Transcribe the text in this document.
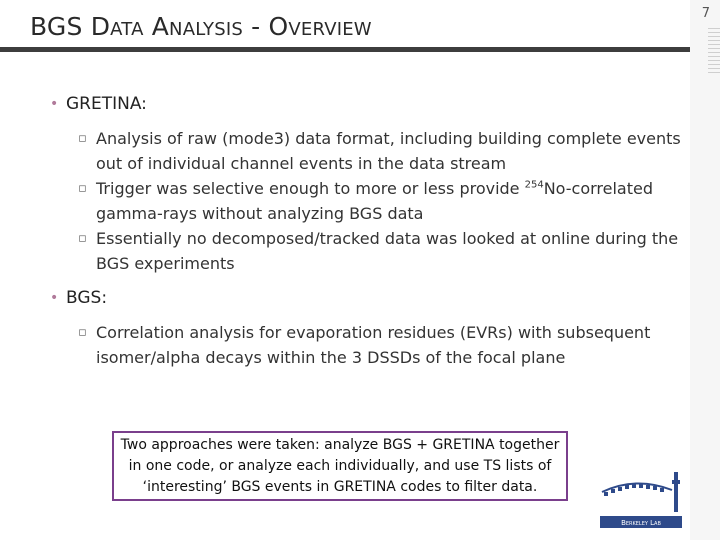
BGS Data Analysis - Overview	7
• GRETINA:
▫ Analysis of raw (mode3) data format, including building complete events out of individual channel events in the data stream
▫ Trigger was selective enough to more or less provide $^{254}$No-correlated gamma-rays without analyzing BGS data
▫ Essentially no decomposed/tracked data was looked at online during the BGS experiments
• BGS:
▫ Correlation analysis for evaporation residues (EVRs) with subsequent isomer/alpha decays within the 3 DSSDs of the focal plane
Two approaches were taken: analyze BGS + GRETINA together in one code, or analyze each individually, and use TS lists of ‘interesting’ BGS events in GRETINA codes to filter data.
Berkeley Lab
